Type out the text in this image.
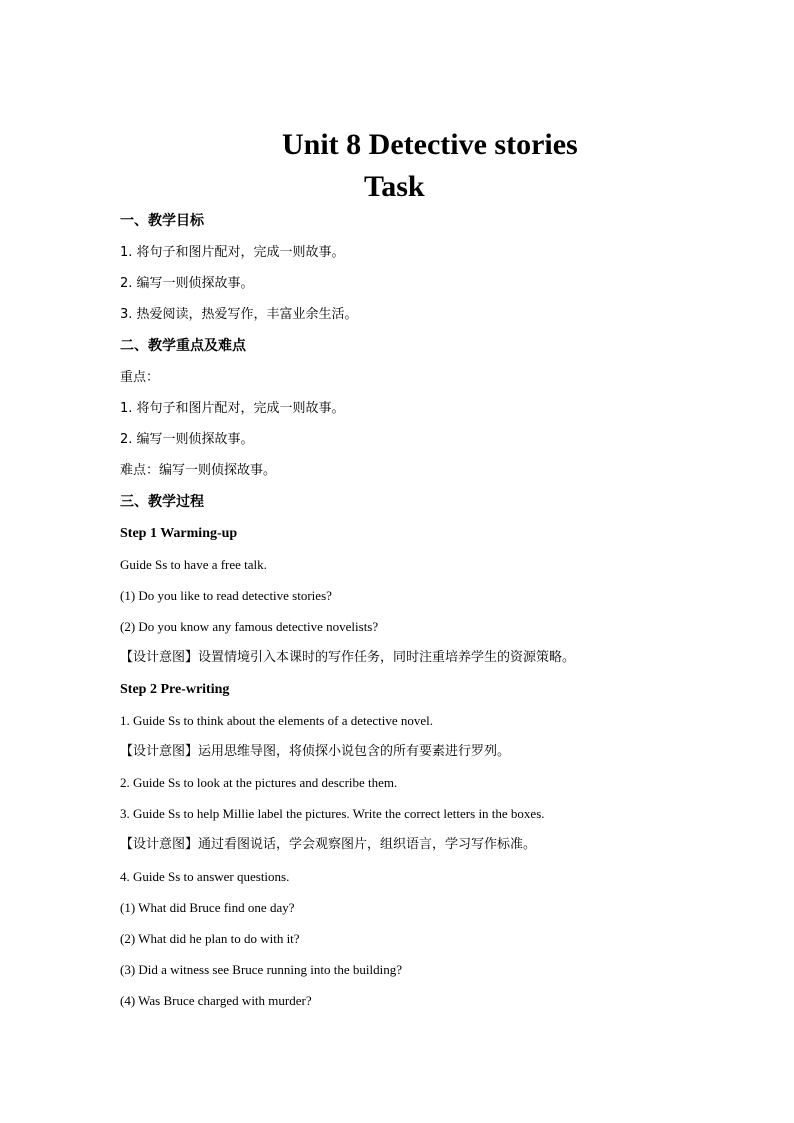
Unit 8 Detective stories
Task

一、教学目标

1. 将句子和图片配对，完成一则故事。

2. 编写一则侦探故事。

3. 热爱阅读，热爱写作，丰富业余生活。

二、教学重点及难点

重点：

1. 将句子和图片配对，完成一则故事。

2. 编写一则侦探故事。

难点：编写一则侦探故事。

三、教学过程

Step 1 Warming-up

Guide Ss to have a free talk.

(1) Do you like to read detective stories?

(2) Do you know any famous detective novelists?

【设计意图】设置情境引入本课时的写作任务，同时注重培养学生的资源策略。

Step 2 Pre-writing

1. Guide Ss to think about the elements of a detective novel.

【设计意图】运用思维导图，将侦探小说包含的所有要素进行罗列。

2. Guide Ss to look at the pictures and describe them.

3. Guide Ss to help Millie label the pictures. Write the correct letters in the boxes.

【设计意图】通过看图说话，学会观察图片，组织语言，学习写作标准。

4. Guide Ss to answer questions.

(1) What did Bruce find one day?

(2) What did he plan to do with it?

(3) Did a witness see Bruce running into the building?

(4) Was Bruce charged with murder?
